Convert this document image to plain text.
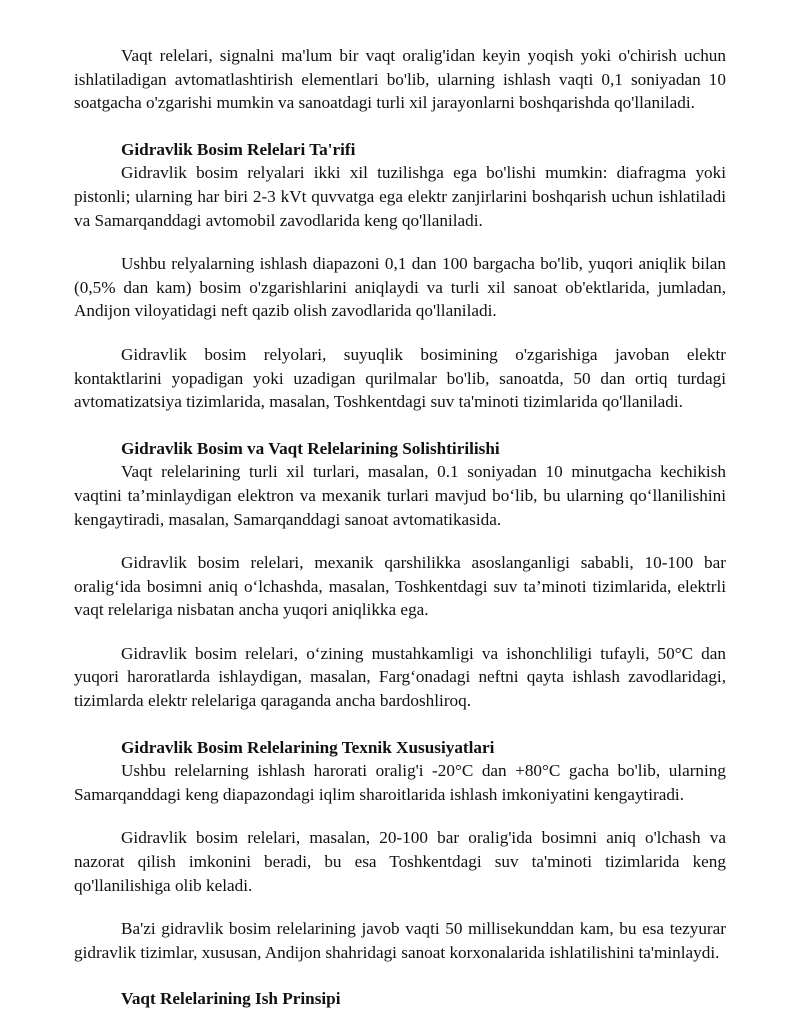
Vaqt relelari, signalni ma'lum bir vaqt oralig'idan keyin yoqish yoki o'chirish uchun ishlatiladigan avtomatlashtirish elementlari bo'lib, ularning ishlash vaqti 0,1 soniyadan 10 soatgacha o'zgarishi mumkin va sanoatdagi turli xil jarayonlarni boshqarishda qo'llaniladi.

Gidravlik Bosim Relelari Ta'rifi

Gidravlik bosim relyalari ikki xil tuzilishga ega bo'lishi mumkin: diafragma yoki pistonli; ularning har biri 2-3 kVt quvvatga ega elektr zanjirlarini boshqarish uchun ishlatiladi va Samarqanddagi avtomobil zavodlarida keng qo'llaniladi.

Ushbu relyalarning ishlash diapazoni 0,1 dan 100 bargacha bo'lib, yuqori aniqlik bilan (0,5% dan kam) bosim o'zgarishlarini aniqlaydi va turli xil sanoat ob'ektlarida, jumladan, Andijon viloyatidagi neft qazib olish zavodlarida qo'llaniladi.

Gidravlik bosim relyolari, suyuqlik bosimining o'zgarishiga javoban elektr kontaktlarini yopadigan yoki uzadigan qurilmalar bo'lib, sanoatda, 50 dan ortiq turdagi avtomatizatsiya tizimlarida, masalan, Toshkentdagi suv ta'minoti tizimlarida qo'llaniladi.

Gidravlik Bosim va Vaqt Relelarining Solishtirilishi

Vaqt relelarining turli xil turlari, masalan, 0.1 soniyadan 10 minutgacha kechikish vaqtini ta’minlaydigan elektron va mexanik turlari mavjud bo‘lib, bu ularning qo‘llanilishini kengaytiradi, masalan, Samarqanddagi sanoat avtomatikasida.

Gidravlik bosim relelari, mexanik qarshilikka asoslanganligi sababli, 10-100 bar oralig‘ida bosimni aniq o‘lchashda, masalan, Toshkentdagi suv ta’minoti tizimlarida, elektrli vaqt relelariga nisbatan ancha yuqori aniqlikka ega.

Gidravlik bosim relelari, o‘zining mustahkamligi va ishonchliligi tufayli, 50°C dan yuqori haroratlarda ishlaydigan, masalan, Farg‘onadagi neftni qayta ishlash zavodlaridagi, tizimlarda elektr relelariga qaraganda ancha bardoshliroq.

Gidravlik Bosim Relelarining Texnik Xususiyatlari

Ushbu relelarning ishlash harorati oralig'i -20°C dan +80°C gacha bo'lib, ularning Samarqanddagi keng diapazondagi iqlim sharoitlarida ishlash imkoniyatini kengaytiradi.

Gidravlik bosim relelari, masalan, 20-100 bar oralig'ida bosimni aniq o'lchash va nazorat qilish imkonini beradi, bu esa Toshkentdagi suv ta'minoti tizimlarida keng qo'llanilishiga olib keladi.

Ba'zi gidravlik bosim relelarining javob vaqti 50 millisekunddan kam, bu esa tezyurar gidravlik tizimlar, xususan, Andijon shahridagi sanoat korxonalarida ishlatilishini ta'minlaydi.

Vaqt Relelarining Ish Prinsipi
